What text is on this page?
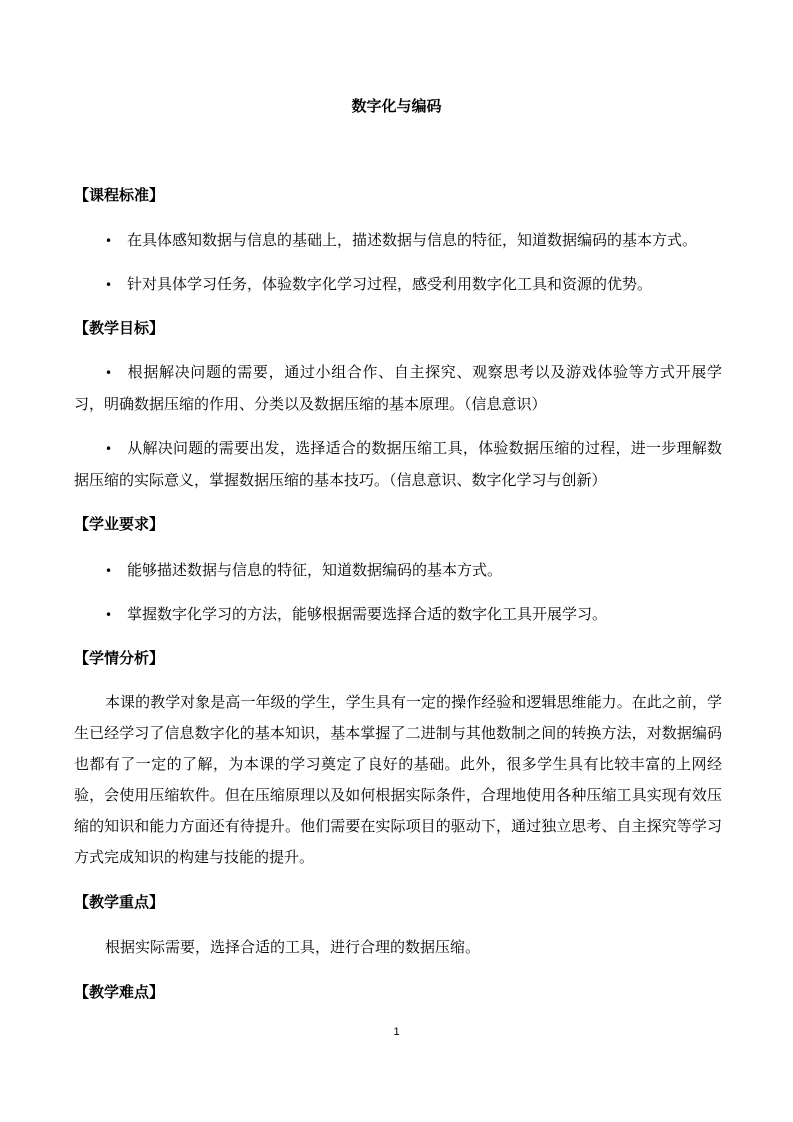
数字化与编码
【课程标准】
• 在具体感知数据与信息的基础上，描述数据与信息的特征，知道数据编码的基本方式。
• 针对具体学习任务，体验数字化学习过程，感受利用数字化工具和资源的优势。
【教学目标】
• 根据解决问题的需要，通过小组合作、自主探究、观察思考以及游戏体验等方式开展学习，明确数据压缩的作用、分类以及数据压缩的基本原理。（信息意识）
• 从解决问题的需要出发，选择适合的数据压缩工具，体验数据压缩的过程，进一步理解数据压缩的实际意义，掌握数据压缩的基本技巧。（信息意识、数字化学习与创新）
【学业要求】
• 能够描述数据与信息的特征，知道数据编码的基本方式。
• 掌握数字化学习的方法，能够根据需要选择合适的数字化工具开展学习。
【学情分析】
本课的教学对象是高一年级的学生，学生具有一定的操作经验和逻辑思维能力。在此之前，学生已经学习了信息数字化的基本知识，基本掌握了二进制与其他数制之间的转换方法，对数据编码也都有了一定的了解，为本课的学习奠定了良好的基础。此外，很多学生具有比较丰富的上网经验，会使用压缩软件。但在压缩原理以及如何根据实际条件，合理地使用各种压缩工具实现有效压缩的知识和能力方面还有待提升。他们需要在实际项目的驱动下，通过独立思考、自主探究等学习方式完成知识的构建与技能的提升。
【教学重点】
根据实际需要，选择合适的工具，进行合理的数据压缩。
【教学难点】
1
